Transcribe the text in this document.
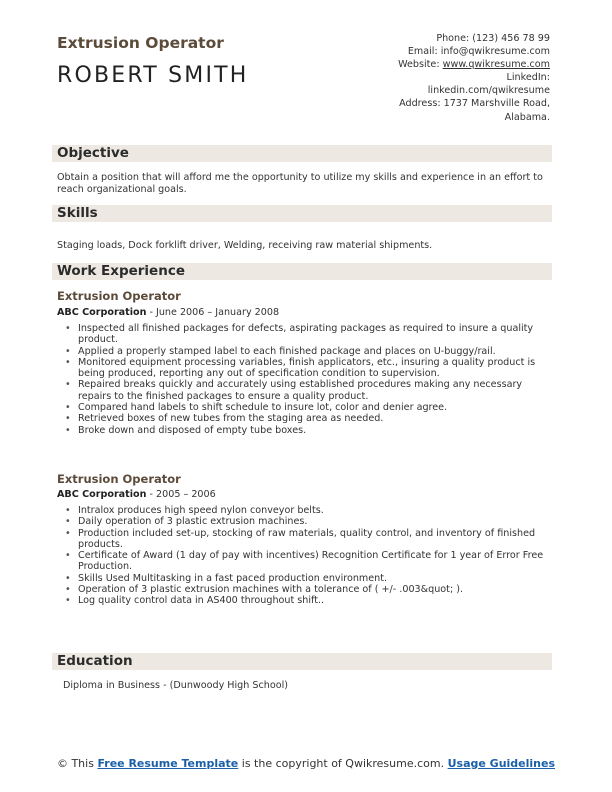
Extrusion Operator
ROBERT SMITH
Phone: (123) 456 78 99
Email: info@qwikresume.com
Website: www.qwikresume.com
LinkedIn:
linkedin.com/qwikresume
Address: 1737 Marshville Road,
Alabama.
Objective
Obtain a position that will afford me the opportunity to utilize my skills and experience in an effort to reach organizational goals.
Skills
Staging loads, Dock forklift driver, Welding, receiving raw material shipments.
Work Experience
Extrusion Operator
ABC Corporation - June 2006 – January 2008
• Inspected all finished packages for defects, aspirating packages as required to insure a quality product.
• Applied a properly stamped label to each finished package and places on U-buggy/rail.
• Monitored equipment processing variables, finish applicators, etc., insuring a quality product is being produced, reporting any out of specification condition to supervision.
• Repaired breaks quickly and accurately using established procedures making any necessary repairs to the finished packages to ensure a quality product.
• Compared hand labels to shift schedule to insure lot, color and denier agree.
• Retrieved boxes of new tubes from the staging area as needed.
• Broke down and disposed of empty tube boxes.
Extrusion Operator
ABC Corporation - 2005 – 2006
• Intralox produces high speed nylon conveyor belts.
• Daily operation of 3 plastic extrusion machines.
• Production included set-up, stocking of raw materials, quality control, and inventory of finished products.
• Certificate of Award (1 day of pay with incentives) Recognition Certificate for 1 year of Error Free Production.
• Skills Used Multitasking in a fast paced production environment.
• Operation of 3 plastic extrusion machines with a tolerance of ( +/- .003&quot; ).
• Log quality control data in AS400 throughout shift..
Education
Diploma in Business - (Dunwoody High School)
© This Free Resume Template is the copyright of Qwikresume.com. Usage Guidelines
